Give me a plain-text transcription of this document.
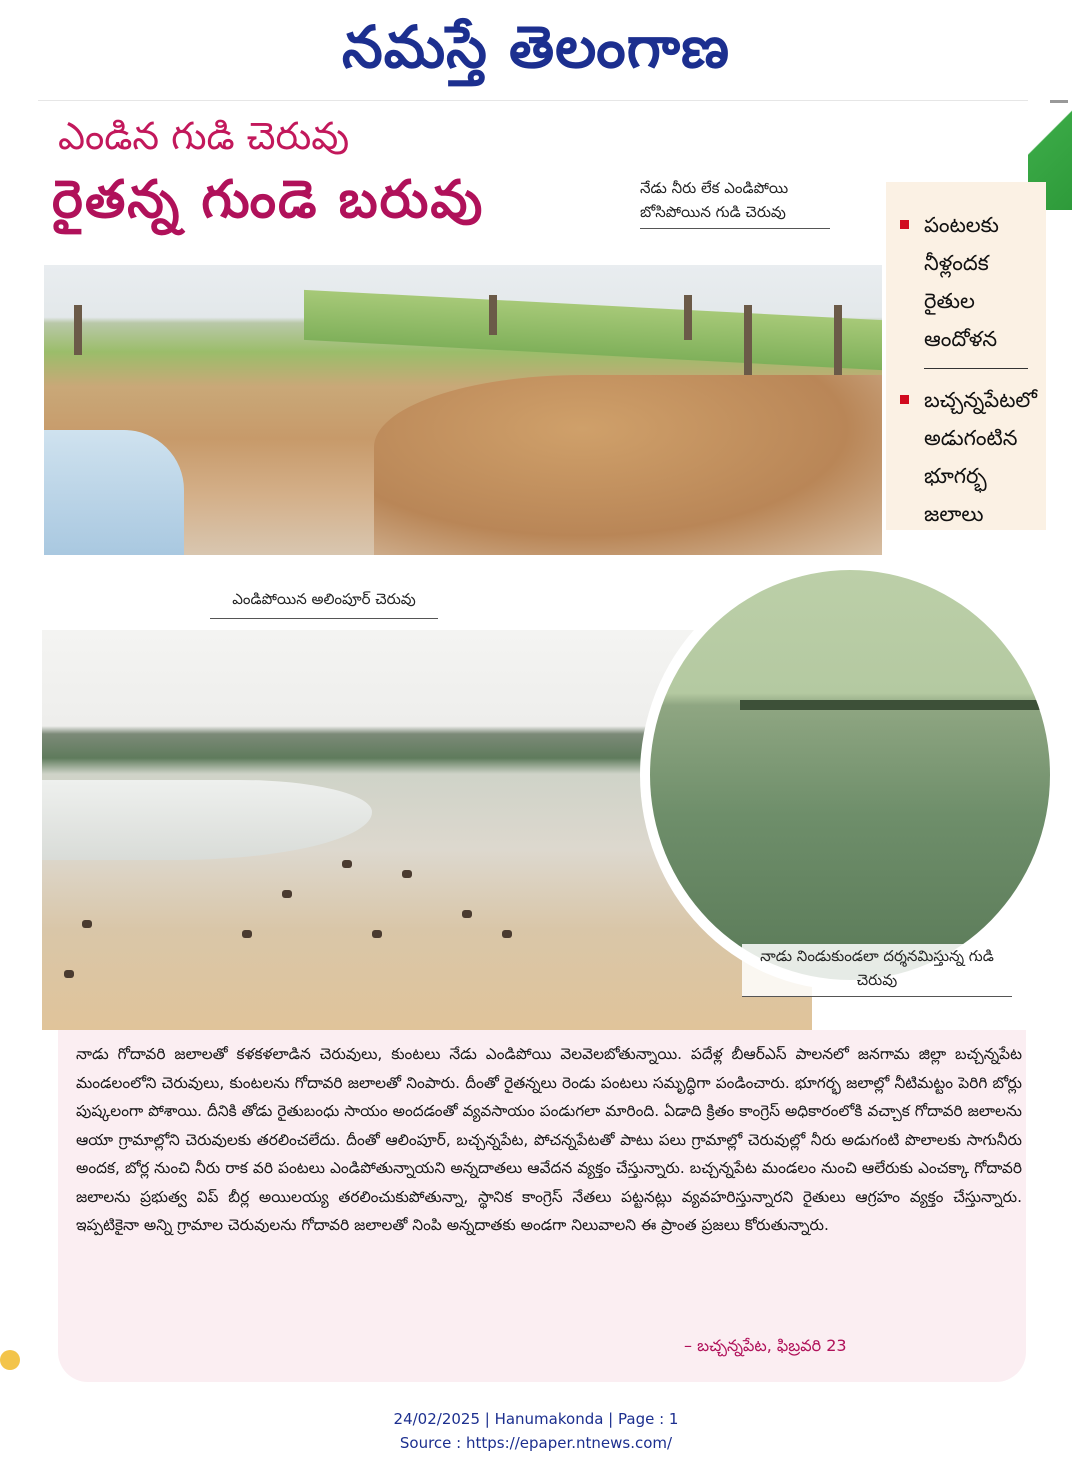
నమస్తే తెలంగాణ
ఎండిన గుడి చెరువు
రైతన్న గుండె బరువు	నేడు నీరు లేక ఎండిపోయి బోసిపోయిన గుడి చెరువు
పంటలకు నీళ్లందక రైతుల ఆందోళన
బచ్చన్నపేటలో అడుగంటిన భూగర్భ జలాలు
ఎండిపోయిన అలింపూర్ చెరువు
నాడు నిండుకుండలా దర్శనమిస్తున్న గుడి చెరువు
నాడు గోదావరి జలాలతో కళకళలాడిన చెరువులు, కుంటలు నేడు ఎండిపోయి వెలవెలబోతున్నాయి. పదేళ్ల బీఆర్ఎస్ పాలనలో జనగామ జిల్లా బచ్చన్నపేట మండలంలోని చెరువులు, కుంటలను గోదావరి జలాలతో నింపారు. దీంతో రైతన్నలు రెండు పంటలు సమృద్ధిగా పండించారు. భూగర్భ జలాల్లో నీటిమట్టం పెరిగి బోర్లు పుష్కలంగా పోశాయి. దీనికి తోడు రైతుబంధు సాయం అందడంతో వ్యవసాయం పండుగలా మారింది. ఏడాది క్రితం కాంగ్రెస్ అధికారంలోకి వచ్చాక గోదావరి జలాలను ఆయా గ్రామాల్లోని చెరువులకు తరలించలేదు. దీంతో ఆలింపూర్, బచ్చన్నపేట, పోచన్నపేటతో పాటు పలు గ్రామాల్లో చెరువుల్లో నీరు అడుగంటి పొలాలకు సాగునీరు అందక, బోర్ల నుంచి నీరు రాక వరి పంటలు ఎండిపోతున్నాయని అన్నదాతలు ఆవేదన వ్యక్తం చేస్తున్నారు. బచ్చన్నపేట మండలం నుంచి ఆలేరుకు ఎంచక్కా గోదావరి జలాలను ప్రభుత్వ విప్ బీర్ల అయిలయ్య తరలించుకుపోతున్నా, స్థానిక కాంగ్రెస్ నేతలు పట్టనట్లు వ్యవహరిస్తున్నారని రైతులు ఆగ్రహం వ్యక్తం చేస్తున్నారు. ఇప్పటికైనా అన్ని గ్రామాల చెరువులను గోదావరి జలాలతో నింపి అన్నదాతకు అండగా నిలువాలని ఈ ప్రాంత ప్రజలు కోరుతున్నారు.
– బచ్చన్నపేట, ఫిబ్రవరి 23
24/02/2025 | Hanumakonda | Page : 1
Source : https://epaper.ntnews.com/
